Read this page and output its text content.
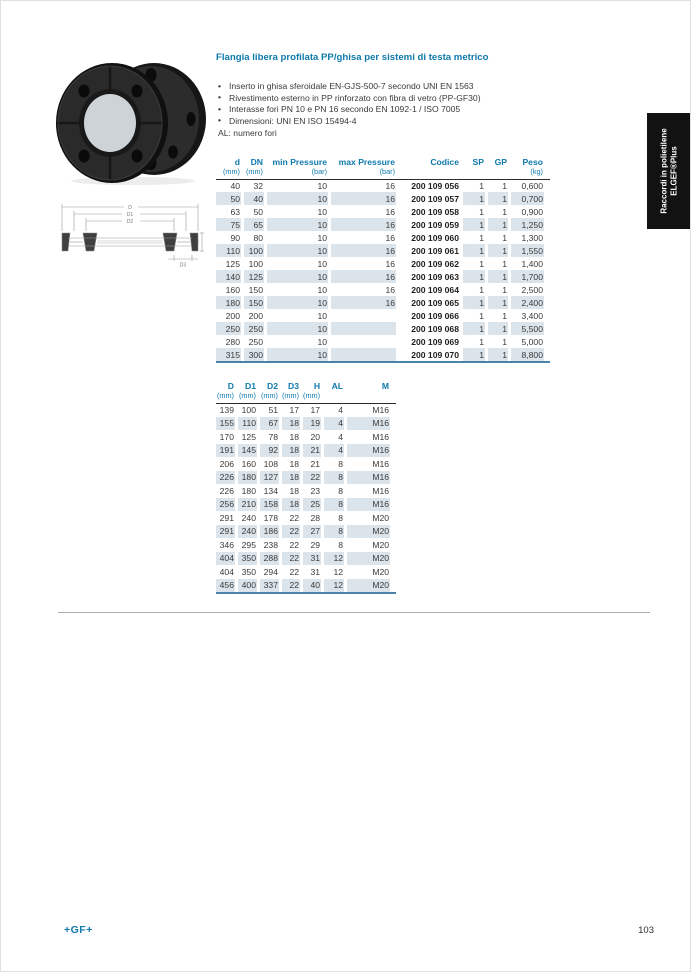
D
D1
D2
D3
Flangia libera profilata PP/ghisa per sistemi di testa metrico
• Inserto in ghisa sferoidale EN-GJS-500-7 secondo UNI EN 1563
• Rivestimento esterno in PP rinforzato con fibra di vetro (PP-GF30)
• Interasse fori PN 10 e PN 16 secondo EN 1092-1 / ISO 7005
• Dimensioni: UNI EN ISO 15494-4
AL: numero fori
d	DN	min Pressure	max Pressure	Codice	SP	GP	Peso
(mm)	(mm)	(bar)	(bar)				(kg)
40	32	10	16	200 109 056	1	1	0,600
50	40	10	16	200 109 057	1	1	0,700
63	50	10	16	200 109 058	1	1	0,900
75	65	10	16	200 109 059	1	1	1,250
90	80	10	16	200 109 060	1	1	1,300
110	100	10	16	200 109 061	1	1	1,550
125	100	10	16	200 109 062	1	1	1,400
140	125	10	16	200 109 063	1	1	1,700
160	150	10	16	200 109 064	1	1	2,500
180	150	10	16	200 109 065	1	1	2,400
200	200	10		200 109 066	1	1	3,400
250	250	10		200 109 068	1	1	5,500
280	250	10		200 109 069	1	1	5,000
315	300	10		200 109 070	1	1	8,800
D	D1	D2	D3	H	AL	M
(mm)	(mm)	(mm)	(mm)	(mm)		
139	100	51	17	17	4	M16
155	110	67	18	19	4	M16
170	125	78	18	20	4	M16
191	145	92	18	21	4	M16
206	160	108	18	21	8	M16
226	180	127	18	22	8	M16
226	180	134	18	23	8	M16
256	210	158	18	25	8	M16
291	240	178	22	28	8	M20
291	240	186	22	27	8	M20
346	295	238	22	29	8	M20
404	350	288	22	31	12	M20
404	350	294	22	31	12	M20
456	400	337	22	40	12	M20
Raccordi in polietilene ELGEF®Plus
+GF+	103
